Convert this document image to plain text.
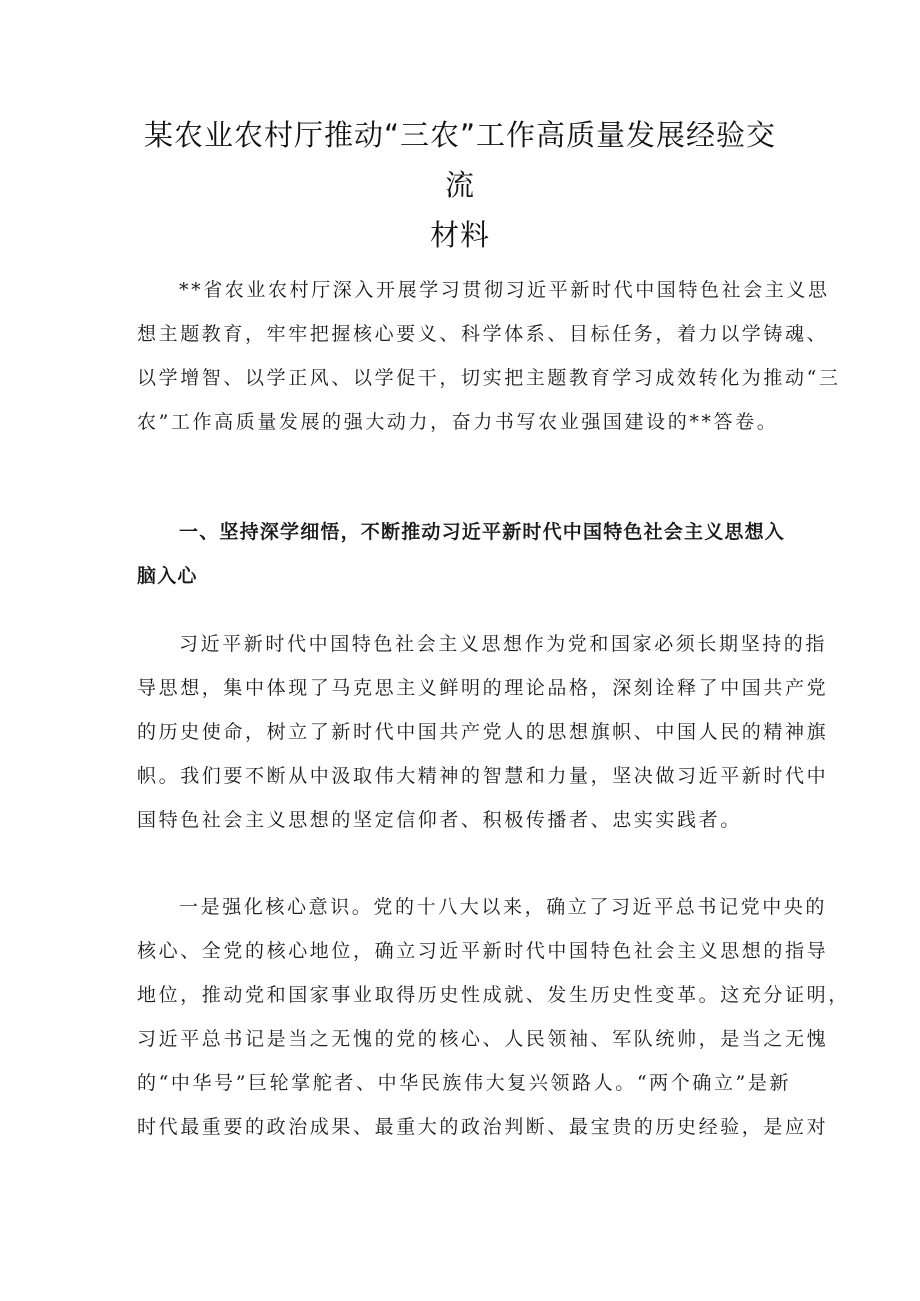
某农业农村厅推动“三农”工作高质量发展经验交流
材料

**省农业农村厅深入开展学习贯彻习近平新时代中国特色社会主义思
想主题教育，牢牢把握核心要义、科学体系、目标任务，着力以学铸魂、
以学增智、以学正风、以学促干，切实把主题教育学习成效转化为推动“三
农”工作高质量发展的强大动力，奋力书写农业强国建设的**答卷。

一、坚持深学细悟，不断推动习近平新时代中国特色社会主义思想入
脑入心

习近平新时代中国特色社会主义思想作为党和国家必须长期坚持的指
导思想，集中体现了马克思主义鲜明的理论品格，深刻诠释了中国共产党
的历史使命，树立了新时代中国共产党人的思想旗帜、中国人民的精神旗
帜。我们要不断从中汲取伟大精神的智慧和力量，坚决做习近平新时代中
国特色社会主义思想的坚定信仰者、积极传播者、忠实实践者。

一是强化核心意识。党的十八大以来，确立了习近平总书记党中央的
核心、全党的核心地位，确立习近平新时代中国特色社会主义思想的指导
地位，推动党和国家事业取得历史性成就、发生历史性变革。这充分证明，
习近平总书记是当之无愧的党的核心、人民领袖、军队统帅，是当之无愧
的“中华号”巨轮掌舵者、中华民族伟大复兴领路人。“两个确立”是新
时代最重要的政治成果、最重大的政治判断、最宝贵的历史经验，是应对
